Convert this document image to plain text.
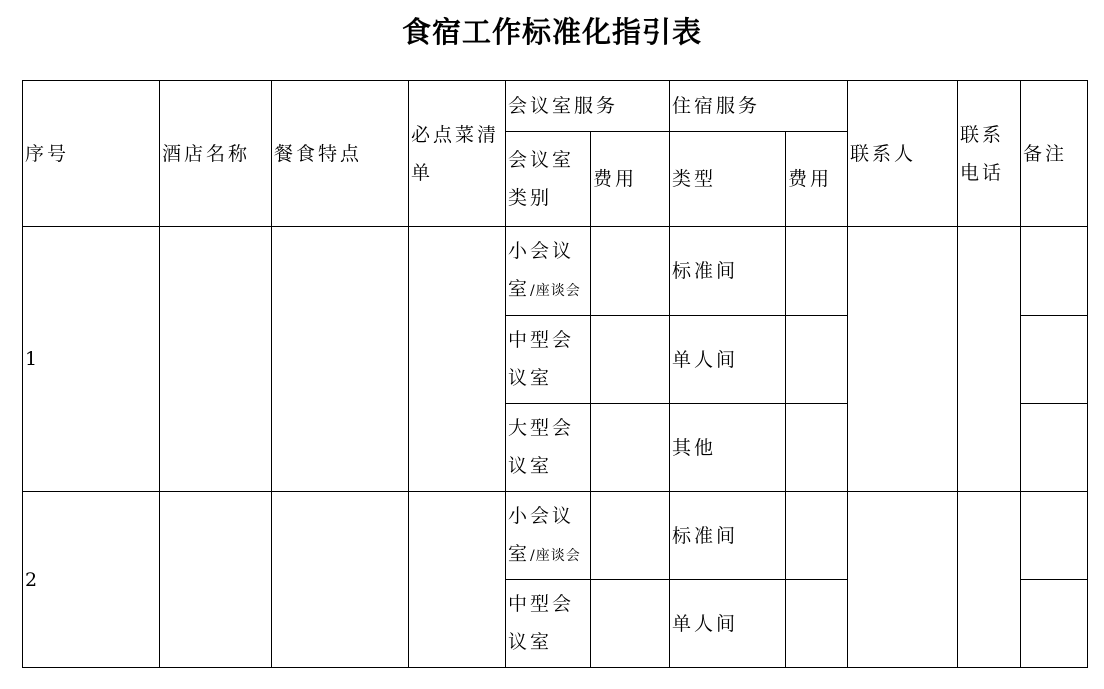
食宿工作标准化指引表
序号	酒店名称	餐食特点	必点菜清单	会议室服务		住宿服务		联系人	联系电话	备注
				会议室类别	费用	类型	费用			
1				小会议室/座谈会		标准间				
				中型会议室		单人间				
				大型会议室		其他				
2				小会议室/座谈会		标准间				
				中型会议室		单人间				
